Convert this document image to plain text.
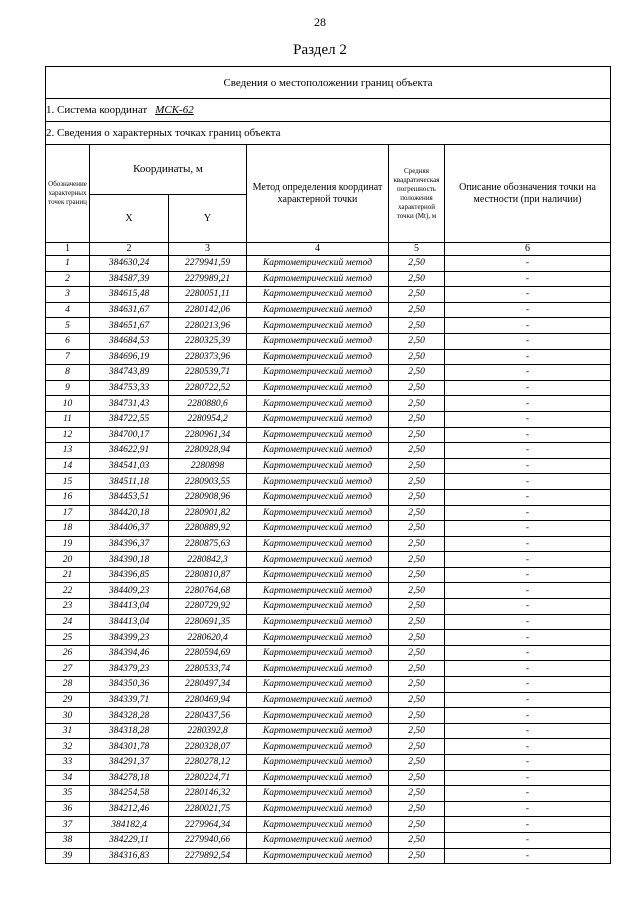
28
Раздел 2
Сведения о местоположении границ объекта					
1. Система координат МСК-62					
2. Сведения о характерных точках границ объекта					
Обозначение характерных точек границ	Координаты, м		Метод определения координат характерной точки	Средняя квадратическая погрешность положения характерной точки (Mt), м	Описание обозначения точки на местности (при наличии)
	X	Y			
1	2	3	4	5	6
1	384630,24	2279941,59	Картометрический метод	2,50	-
2	384587,39	2279989,21	Картометрический метод	2,50	-
3	384615,48	2280051,11	Картометрический метод	2,50	-
4	384631,67	2280142,06	Картометрический метод	2,50	-
5	384651,67	2280213,96	Картометрический метод	2,50	-
6	384684,53	2280325,39	Картометрический метод	2,50	-
7	384696,19	2280373,96	Картометрический метод	2,50	-
8	384743,89	2280539,71	Картометрический метод	2,50	-
9	384753,33	2280722,52	Картометрический метод	2,50	-
10	384731,43	2280880,6	Картометрический метод	2,50	-
11	384722,55	2280954,2	Картометрический метод	2,50	-
12	384700,17	2280961,34	Картометрический метод	2,50	-
13	384622,91	2280928,94	Картометрический метод	2,50	-
14	384541,03	2280898	Картометрический метод	2,50	-
15	384511,18	2280903,55	Картометрический метод	2,50	-
16	384453,51	2280908,96	Картометрический метод	2,50	-
17	384420,18	2280901,82	Картометрический метод	2,50	-
18	384406,37	2280889,92	Картометрический метод	2,50	-
19	384396,37	2280875,63	Картометрический метод	2,50	-
20	384390,18	2280842,3	Картометрический метод	2,50	-
21	384396,85	2280810,87	Картометрический метод	2,50	-
22	384409,23	2280764,68	Картометрический метод	2,50	-
23	384413,04	2280729,92	Картометрический метод	2,50	-
24	384413,04	2280691,35	Картометрический метод	2,50	-
25	384399,23	2280620,4	Картометрический метод	2,50	-
26	384394,46	2280594,69	Картометрический метод	2,50	-
27	384379,23	2280533,74	Картометрический метод	2,50	-
28	384350,36	2280497,34	Картометрический метод	2,50	-
29	384339,71	2280469,94	Картометрический метод	2,50	-
30	384328,28	2280437,56	Картометрический метод	2,50	-
31	384318,28	2280392,8	Картометрический метод	2,50	-
32	384301,78	2280328,07	Картометрический метод	2,50	-
33	384291,37	2280278,12	Картометрический метод	2,50	-
34	384278,18	2280224,71	Картометрический метод	2,50	-
35	384254,58	2280146,32	Картометрический метод	2,50	-
36	384212,46	2280021,75	Картометрический метод	2,50	-
37	384182,4	2279964,34	Картометрический метод	2,50	-
38	384229,11	2279940,66	Картометрический метод	2,50	-
39	384316,83	2279892,54	Картометрический метод	2,50	-
